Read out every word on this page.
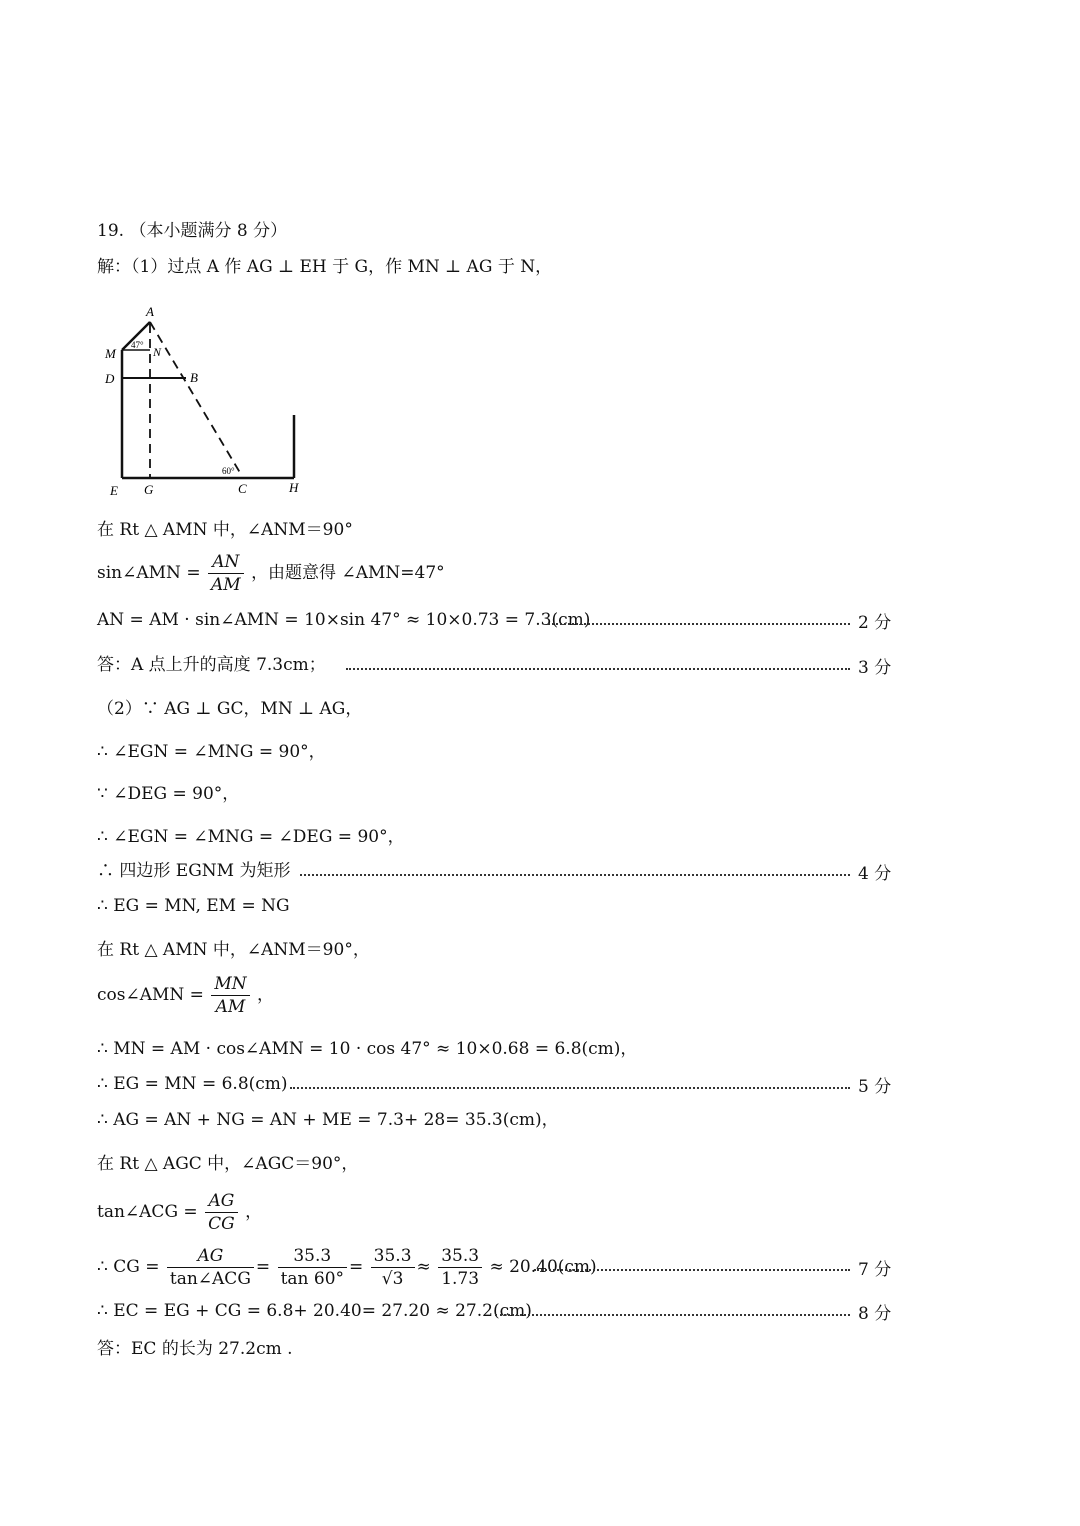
19. （本小题满分 8 分）
解：（1）过点 A 作 AG ⊥ EH 于 G，作 MN ⊥ AG 于 N，
A
M	N
D	B
E G	C	H
47°
60°
在 Rt △ AMN 中，∠ANM＝90°
sin∠AMN = $\frac{AN}{AM}$ ，由题意得 ∠AMN=47°
AN = AM · sin∠AMN = 10×sin 47° ≈ 10×0.73 = 7.3(cm)	2 分
答：A 点上升的高度 7.3cm；	3 分
（2）∵ AG ⊥ GC，MN ⊥ AG，
∴ ∠EGN = ∠MNG = 90°，
∵ ∠DEG = 90°，
∴ ∠EGN = ∠MNG = ∠DEG = 90°，
∴ 四边形 EGNM 为矩形	4 分
∴ EG = MN, EM = NG
在 Rt △ AMN 中，∠ANM＝90°，
cos∠AMN = $\frac{MN}{AM}$ ，
∴ MN = AM · cos∠AMN = 10 · cos 47° ≈ 10×0.68 = 6.8(cm)，
∴ EG = MN = 6.8(cm)	5 分
∴ AG = AN + NG = AN + ME = 7.3+ 28= 35.3(cm)，
在 Rt △ AGC 中，∠AGC＝90°，
tan∠ACG = $\frac{AG}{CG}$ ，
∴ CG = $\frac{AG}{\text{tan∠ACG}} = \frac{35.3}{\tan 60^\circ} = \frac{35.3}{√3} \approx \frac{35.3}{1.73} \approx 20.40(cm)$	7 分
∴ EC = EG + CG = 6.8+ 20.40= 27.20 ≈ 27.2(cm)	8 分
答：EC 的长为 27.2cm .
